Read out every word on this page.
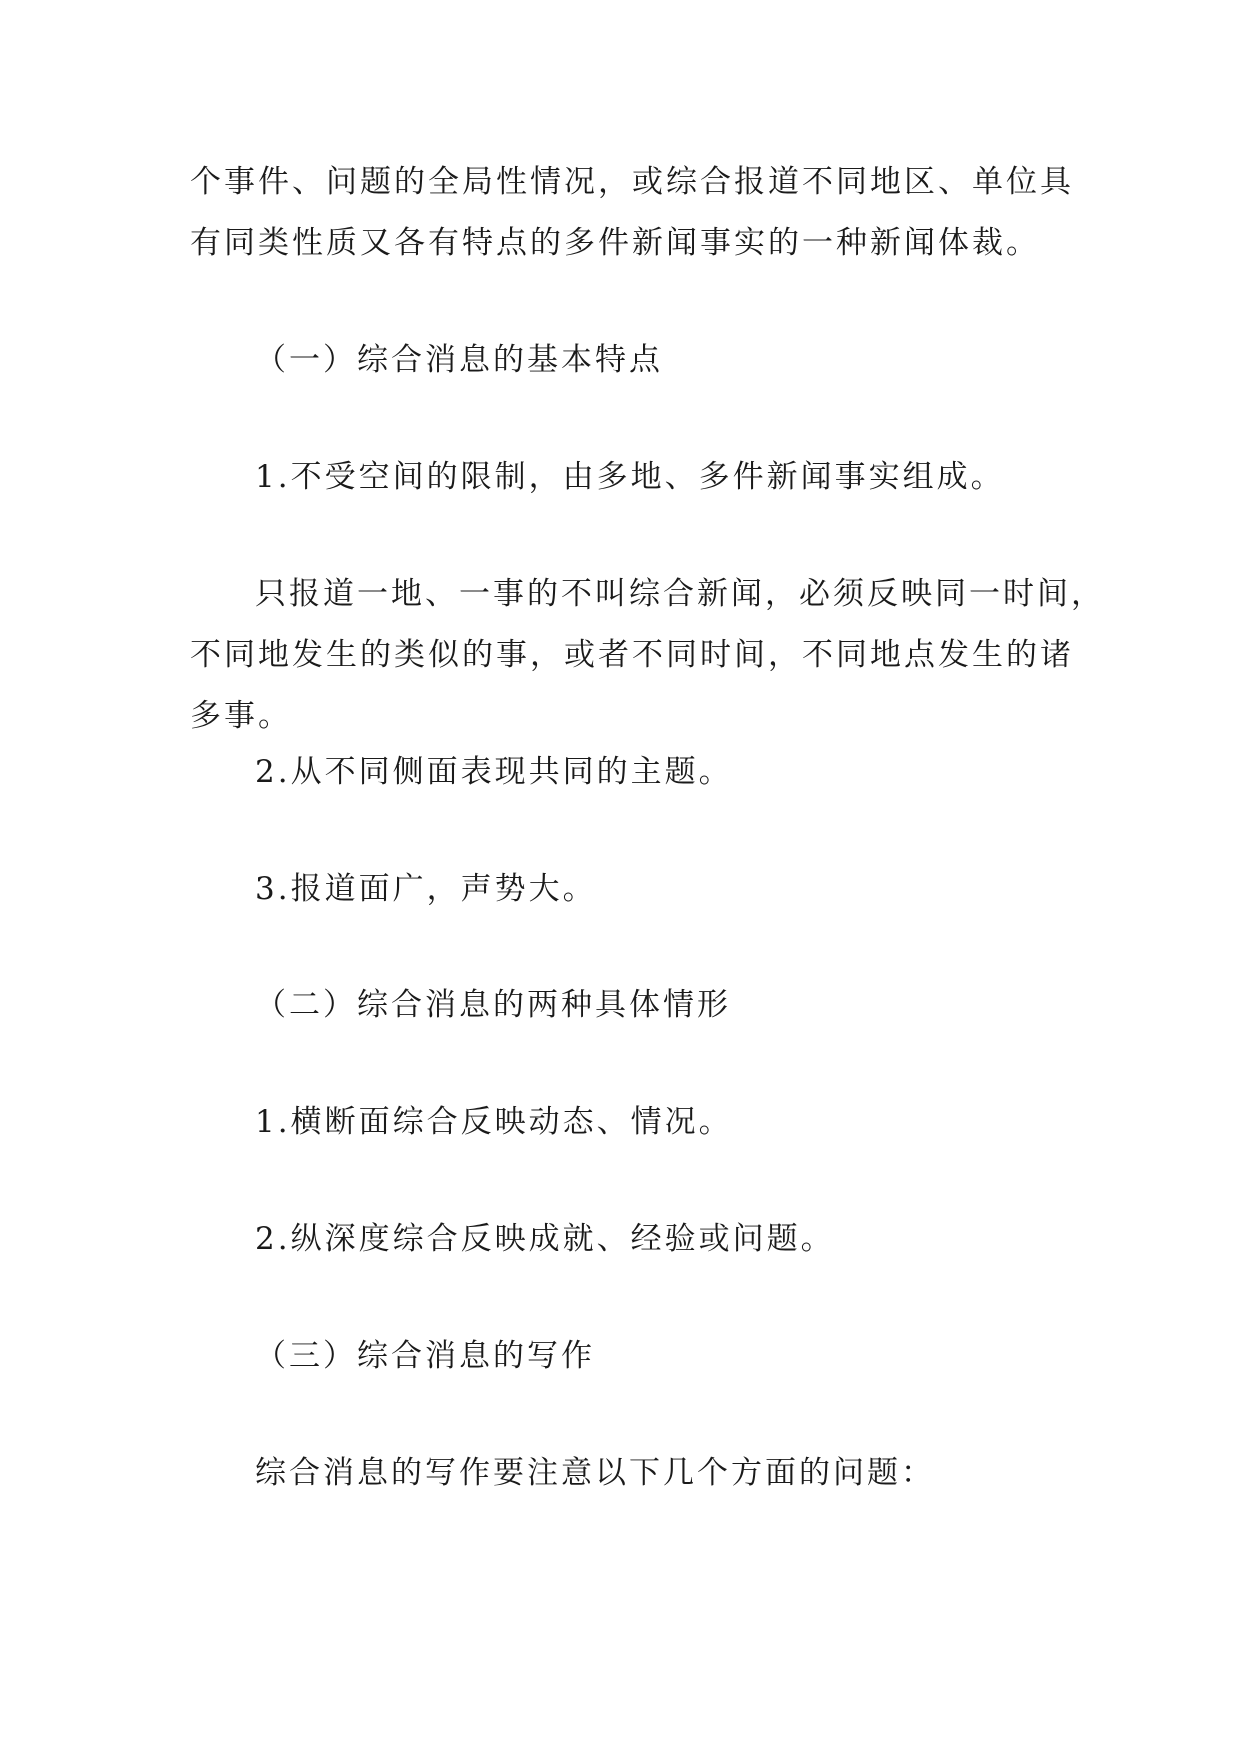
个事件、问题的全局性情况，或综合报道不同地区、单位具
有同类性质又各有特点的多件新闻事实的一种新闻体裁。
（一）综合消息的基本特点
1.不受空间的限制，由多地、多件新闻事实组成。
只报道一地、一事的不叫综合新闻，必须反映同一时间，
不同地发生的类似的事，或者不同时间，不同地点发生的诸
多事。
2.从不同侧面表现共同的主题。
3.报道面广，声势大。
（二）综合消息的两种具体情形
1.横断面综合反映动态、情况。
2.纵深度综合反映成就、经验或问题。
（三）综合消息的写作
综合消息的写作要注意以下几个方面的问题：
